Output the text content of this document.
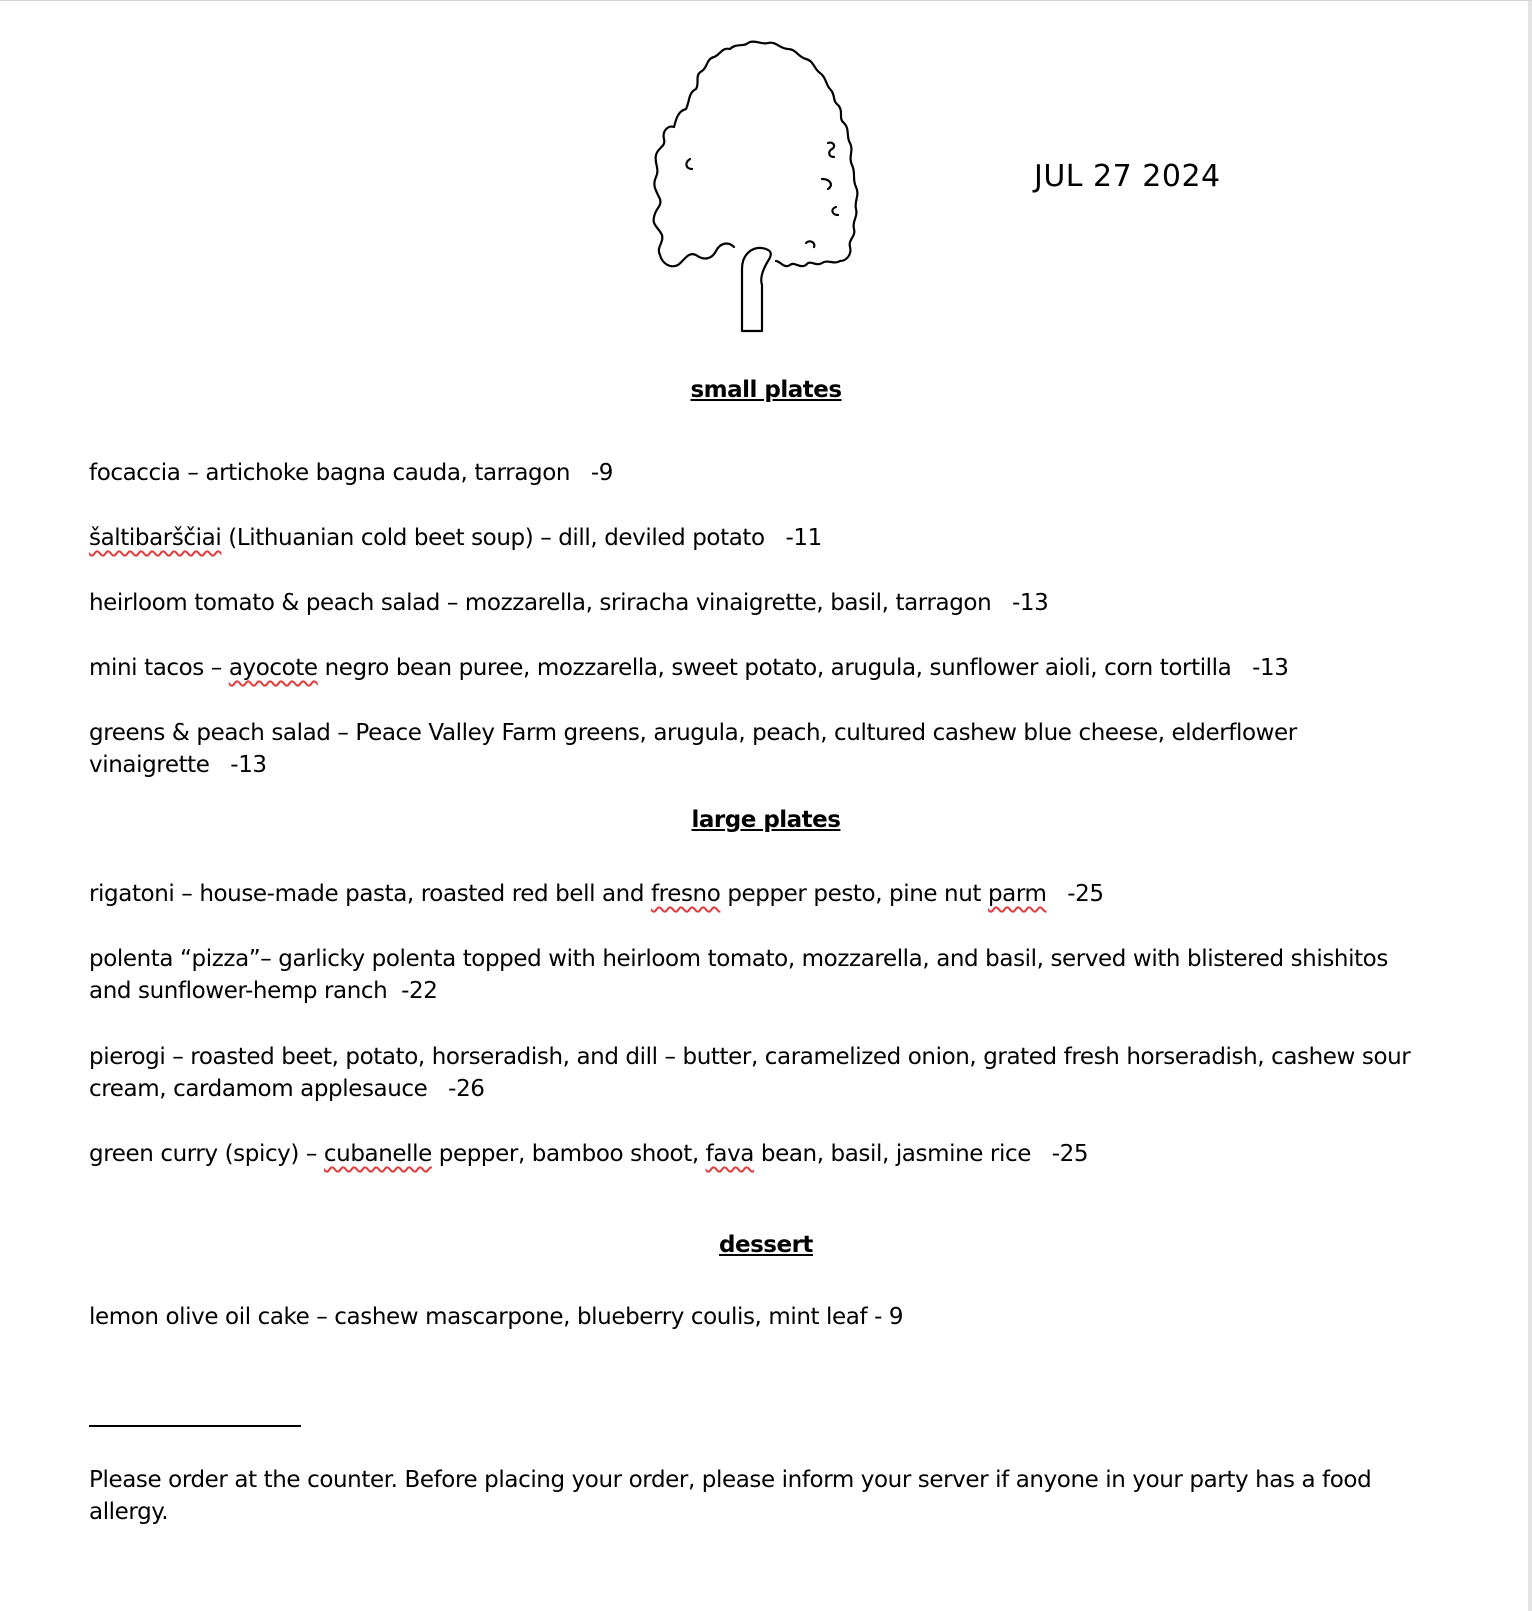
JUL 27 2024
small plates
focaccia – artichoke bagna cauda, tarragon -9
šaltibarščiai (Lithuanian cold beet soup) – dill, deviled potato -11
heirloom tomato & peach salad – mozzarella, sriracha vinaigrette, basil, tarragon -13
mini tacos – ayocote negro bean puree, mozzarella, sweet potato, arugula, sunflower aioli, corn tortilla -13
greens & peach salad – Peace Valley Farm greens, arugula, peach, cultured cashew blue cheese, elderflower vinaigrette -13
large plates
rigatoni – house-made pasta, roasted red bell and fresno pepper pesto, pine nut parm -25
polenta “pizza”– garlicky polenta topped with heirloom tomato, mozzarella, and basil, served with blistered shishitos and sunflower-hemp ranch -22
pierogi – roasted beet, potato, horseradish, and dill – butter, caramelized onion, grated fresh horseradish, cashew sour cream, cardamom applesauce -26
green curry (spicy) – cubanelle pepper, bamboo shoot, fava bean, basil, jasmine rice -25
dessert
lemon olive oil cake – cashew mascarpone, blueberry coulis, mint leaf - 9
Please order at the counter. Before placing your order, please inform your server if anyone in your party has a food allergy.
